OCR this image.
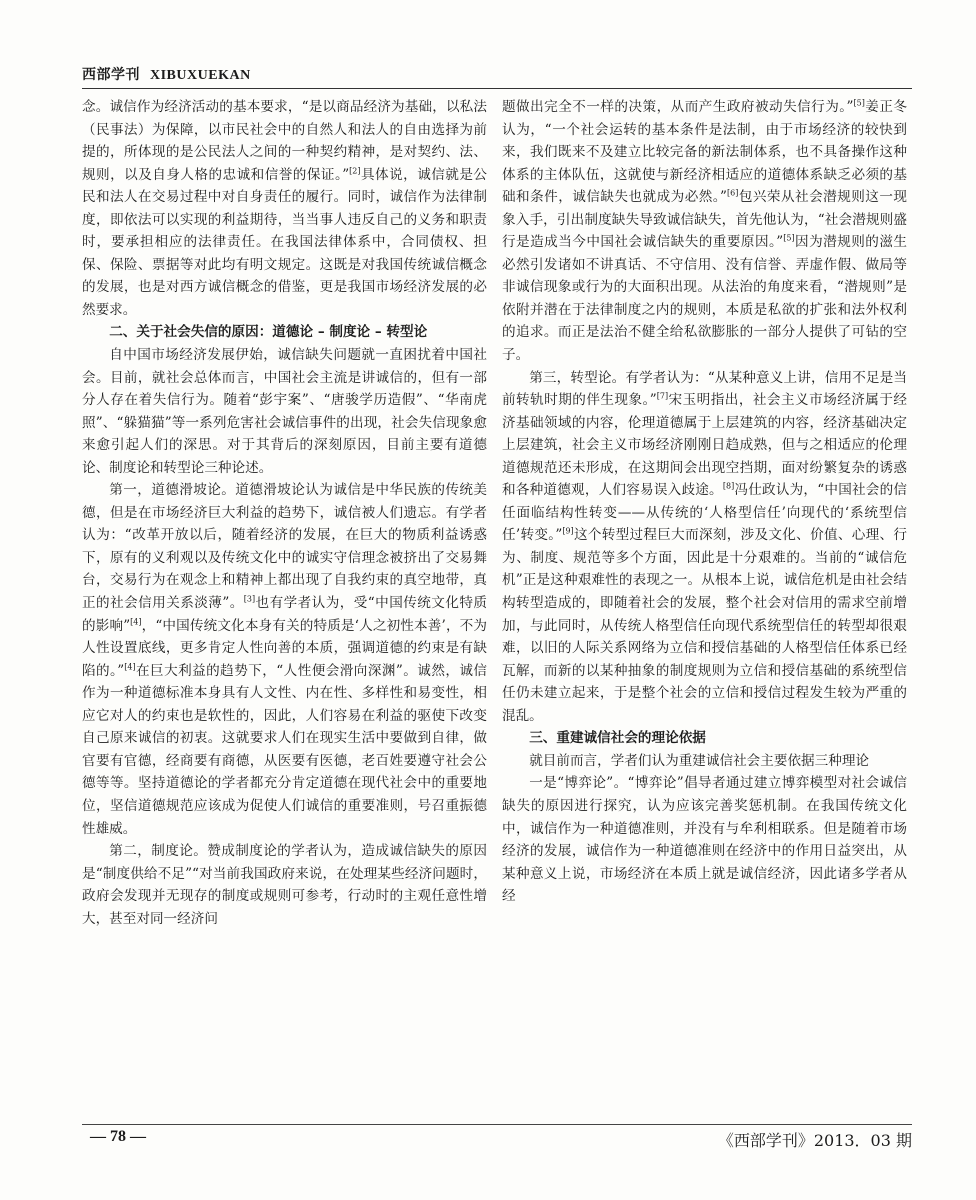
西部学刊 XIBUXUEKAN

念。诚信作为经济活动的基本要求，“是以商品经济为基础，以私法（民事法）为保障，以市民社会中的自然人和法人的自由选择为前提的，所体现的是公民法人之间的一种契约精神，是对契约、法、规则，以及自身人格的忠诚和信誉的保证。”[2]具体说，诚信就是公民和法人在交易过程中对自身责任的履行。同时，诚信作为法律制度，即依法可以实现的利益期待，当当事人违反自己的义务和职责时，要承担相应的法律责任。在我国法律体系中，合同债权、担保、保险、票据等对此均有明文规定。这既是对我国传统诚信概念的发展，也是对西方诚信概念的借鉴，更是我国市场经济发展的必然要求。

二、关于社会失信的原因：道德论 – 制度论 – 转型论

自中国市场经济发展伊始，诚信缺失问题就一直困扰着中国社会。目前，就社会总体而言，中国社会主流是讲诚信的，但有一部分人存在着失信行为。随着“彭宇案”、“唐骏学历造假”、“华南虎照”、“躲猫猫”等一系列危害社会诚信事件的出现，社会失信现象愈来愈引起人们的深思。对于其背后的深刻原因，目前主要有道德论、制度论和转型论三种论述。

第一，道德滑坡论。道德滑坡论认为诚信是中华民族的传统美德，但是在市场经济巨大利益的趋势下，诚信被人们遗忘。有学者认为：“改革开放以后，随着经济的发展，在巨大的物质利益诱惑下，原有的义利观以及传统文化中的诚实守信理念被挤出了交易舞台，交易行为在观念上和精神上都出现了自我约束的真空地带，真正的社会信用关系淡薄”。[3]也有学者认为，受“中国传统文化特质的影响”[4]，“中国传统文化本身有关的特质是‘人之初性本善’，不为人性设置底线，更多肯定人性向善的本质，强调道德的约束是有缺陷的。”[4]在巨大利益的趋势下，“人性便会滑向深渊”。诚然，诚信作为一种道德标准本身具有人文性、内在性、多样性和易变性，相应它对人的约束也是软性的，因此，人们容易在利益的驱使下改变自己原来诚信的初衷。这就要求人们在现实生活中要做到自律，做官要有官德，经商要有商德，从医要有医德，老百姓要遵守社会公德等等。坚持道德论的学者都充分肯定道德在现代社会中的重要地位，坚信道德规范应该成为促使人们诚信的重要准则，号召重振德性雄威。

第二，制度论。赞成制度论的学者认为，造成诚信缺失的原因是“制度供给不足”“对当前我国政府来说，在处理某些经济问题时，政府会发现并无现存的制度或规则可参考，行动时的主观任意性增大，甚至对同一经济问

题做出完全不一样的决策，从而产生政府被动失信行为。”[5]姜正冬认为，“一个社会运转的基本条件是法制，由于市场经济的较快到来，我们既来不及建立比较完备的新法制体系，也不具备操作这种体系的主体队伍，这就使与新经济相适应的道德体系缺乏必须的基础和条件，诚信缺失也就成为必然。”[6]包兴荣从社会潜规则这一现象入手，引出制度缺失导致诚信缺失，首先他认为，“社会潜规则盛行是造成当今中国社会诚信缺失的重要原因。”[5]因为潜规则的滋生必然引发诸如不讲真话、不守信用、没有信誉、弄虚作假、做局等非诚信现象或行为的大面积出现。从法治的角度来看，“潜规则”是依附并潜在于法律制度之内的规则，本质是私欲的扩张和法外权利的追求。而正是法治不健全给私欲膨胀的一部分人提供了可钻的空子。

第三，转型论。有学者认为：“从某种意义上讲，信用不足是当前转轨时期的伴生现象。”[7]宋玉明指出，社会主义市场经济属于经济基础领域的内容，伦理道德属于上层建筑的内容，经济基础决定上层建筑，社会主义市场经济刚刚日趋成熟，但与之相适应的伦理道德规范还未形成，在这期间会出现空挡期，面对纷繁复杂的诱惑和各种道德观，人们容易误入歧途。[8]冯仕政认为，“中国社会的信任面临结构性转变——从传统的‘人格型信任’向现代的‘系统型信任’转变。”[9]这个转型过程巨大而深刻，涉及文化、价值、心理、行为、制度、规范等多个方面，因此是十分艰难的。当前的“诚信危机”正是这种艰难性的表现之一。从根本上说，诚信危机是由社会结构转型造成的，即随着社会的发展，整个社会对信用的需求空前增加，与此同时，从传统人格型信任向现代系统型信任的转型却很艰难，以旧的人际关系网络为立信和授信基础的人格型信任体系已经瓦解，而新的以某种抽象的制度规则为立信和授信基础的系统型信任仍未建立起来，于是整个社会的立信和授信过程发生较为严重的混乱。

三、重建诚信社会的理论依据

就目前而言，学者们认为重建诚信社会主要依据三种理论

一是“博弈论”。“博弈论”倡导者通过建立博弈模型对社会诚信缺失的原因进行探究，认为应该完善奖惩机制。在我国传统文化中，诚信作为一种道德准则，并没有与牟利相联系。但是随着市场经济的发展，诚信作为一种道德准则在经济中的作用日益突出，从某种意义上说，市场经济在本质上就是诚信经济，因此诸多学者从经

— 78 —	《西部学刊》2013．03 期
